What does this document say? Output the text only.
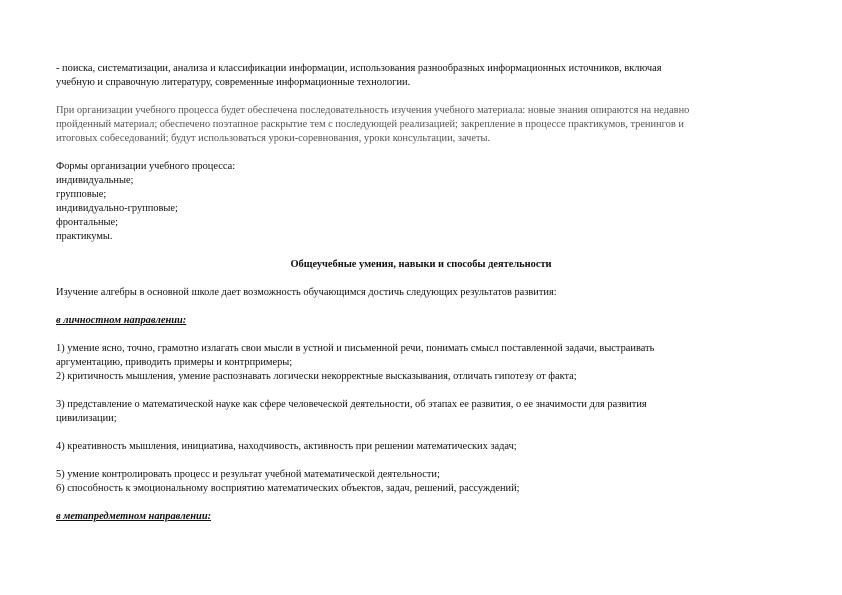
- поиска, систематизации, анализа и классификации информации, использования разнообразных информационных источников, включая

учебную и справочную литературу, современные информационные технологии.

При организации учебного процесса будет обеспечена последовательность изучения учебного материала: новые знания опираются на недавно

пройденный материал; обеспечено поэтапное раскрытие тем с последующей реализацией; закрепление в процессе практикумов, тренингов и

итоговых собеседований; будут использоваться уроки-соревнования, уроки консультации, зачеты.

Формы организации учебного процесса:

индивидуальные;

групповые;

индивидуально-групповые;

фронтальные;

практикумы.

Общеучебные умения, навыки и способы деятельности

Изучение алгебры в основной школе дает возможность обучающимся достичь следующих результатов развития:

в личностном направлении:

1) умение ясно, точно, грамотно излагать свои мысли в устной и письменной речи, понимать смысл поставленной задачи, выстраивать

аргументацию, приводить примеры и контрпримеры;

2) критичность мышления, умение распознавать логически некорректные высказывания, отличать гипотезу от факта;

3) представление о математической науке как сфере человеческой деятельности, об этапах ее развития, о ее значимости для развития

цивилизации;

4) креативность мышления, инициатива, находчивость, активность при решении математических задач;

5) умение контролировать процесс и результат учебной математической деятельности;

6) способность к эмоциональному восприятию математических объектов, задач, решений, рассуждений;

в метапредметном направлении:
